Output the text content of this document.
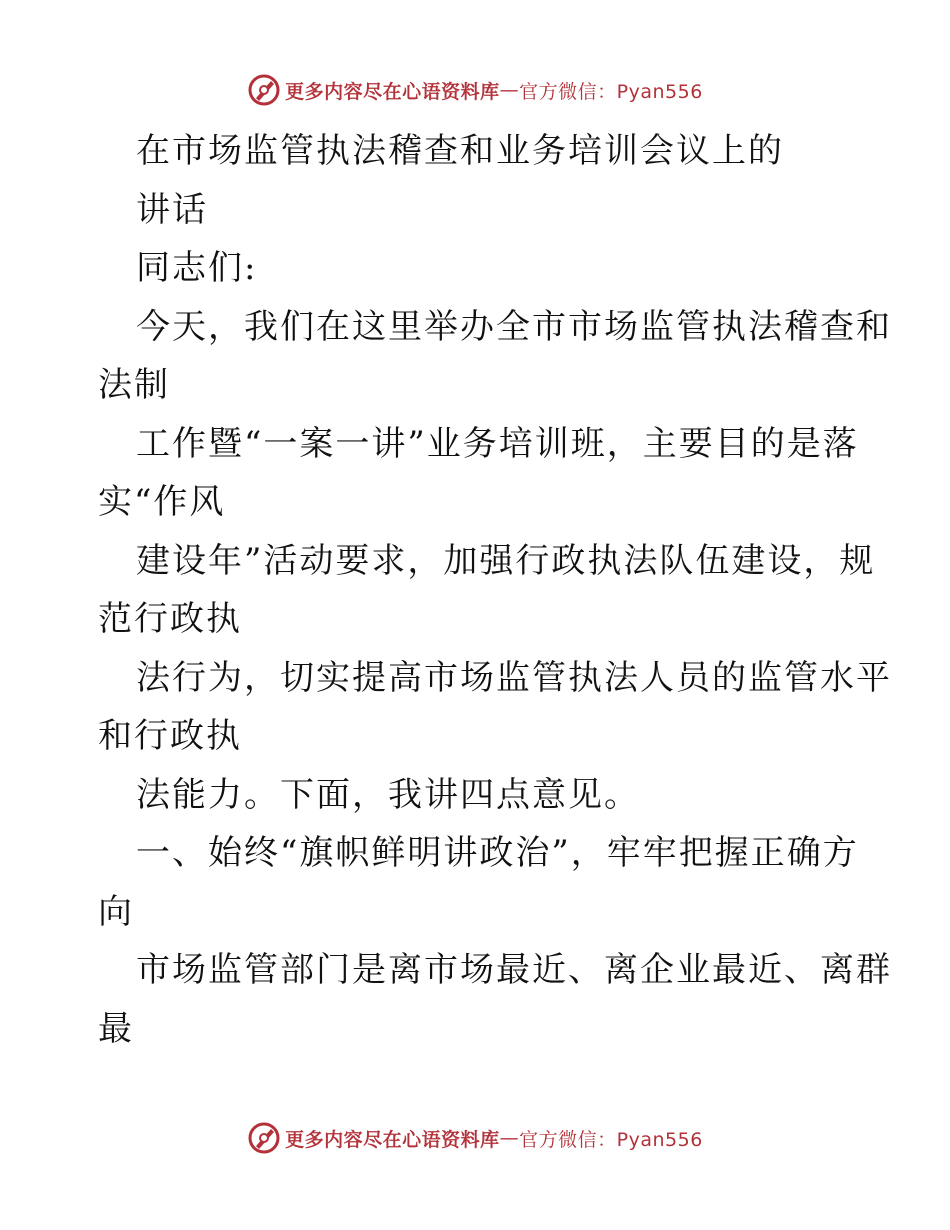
更多内容尽在心语资料库 — 官方微信：Pyan556
在市场监管执法稽查和业务培训会议上的
讲话
同志们:
今天，我们在这里举办全市市场监管执法稽查和
法制
工作暨“一案一讲”业务培训班，主要目的是落
实“作风
建设年”活动要求，加强行政执法队伍建设，规
范行政执
法行为，切实提高市场监管执法人员的监管水平
和行政执
法能力。下面，我讲四点意见。
一、始终“旗帜鲜明讲政治”，牢牢把握正确方
向
市场监管部门是离市场最近、离企业最近、离群
最
更多内容尽在心语资料库 — 官方微信：Pyan556
